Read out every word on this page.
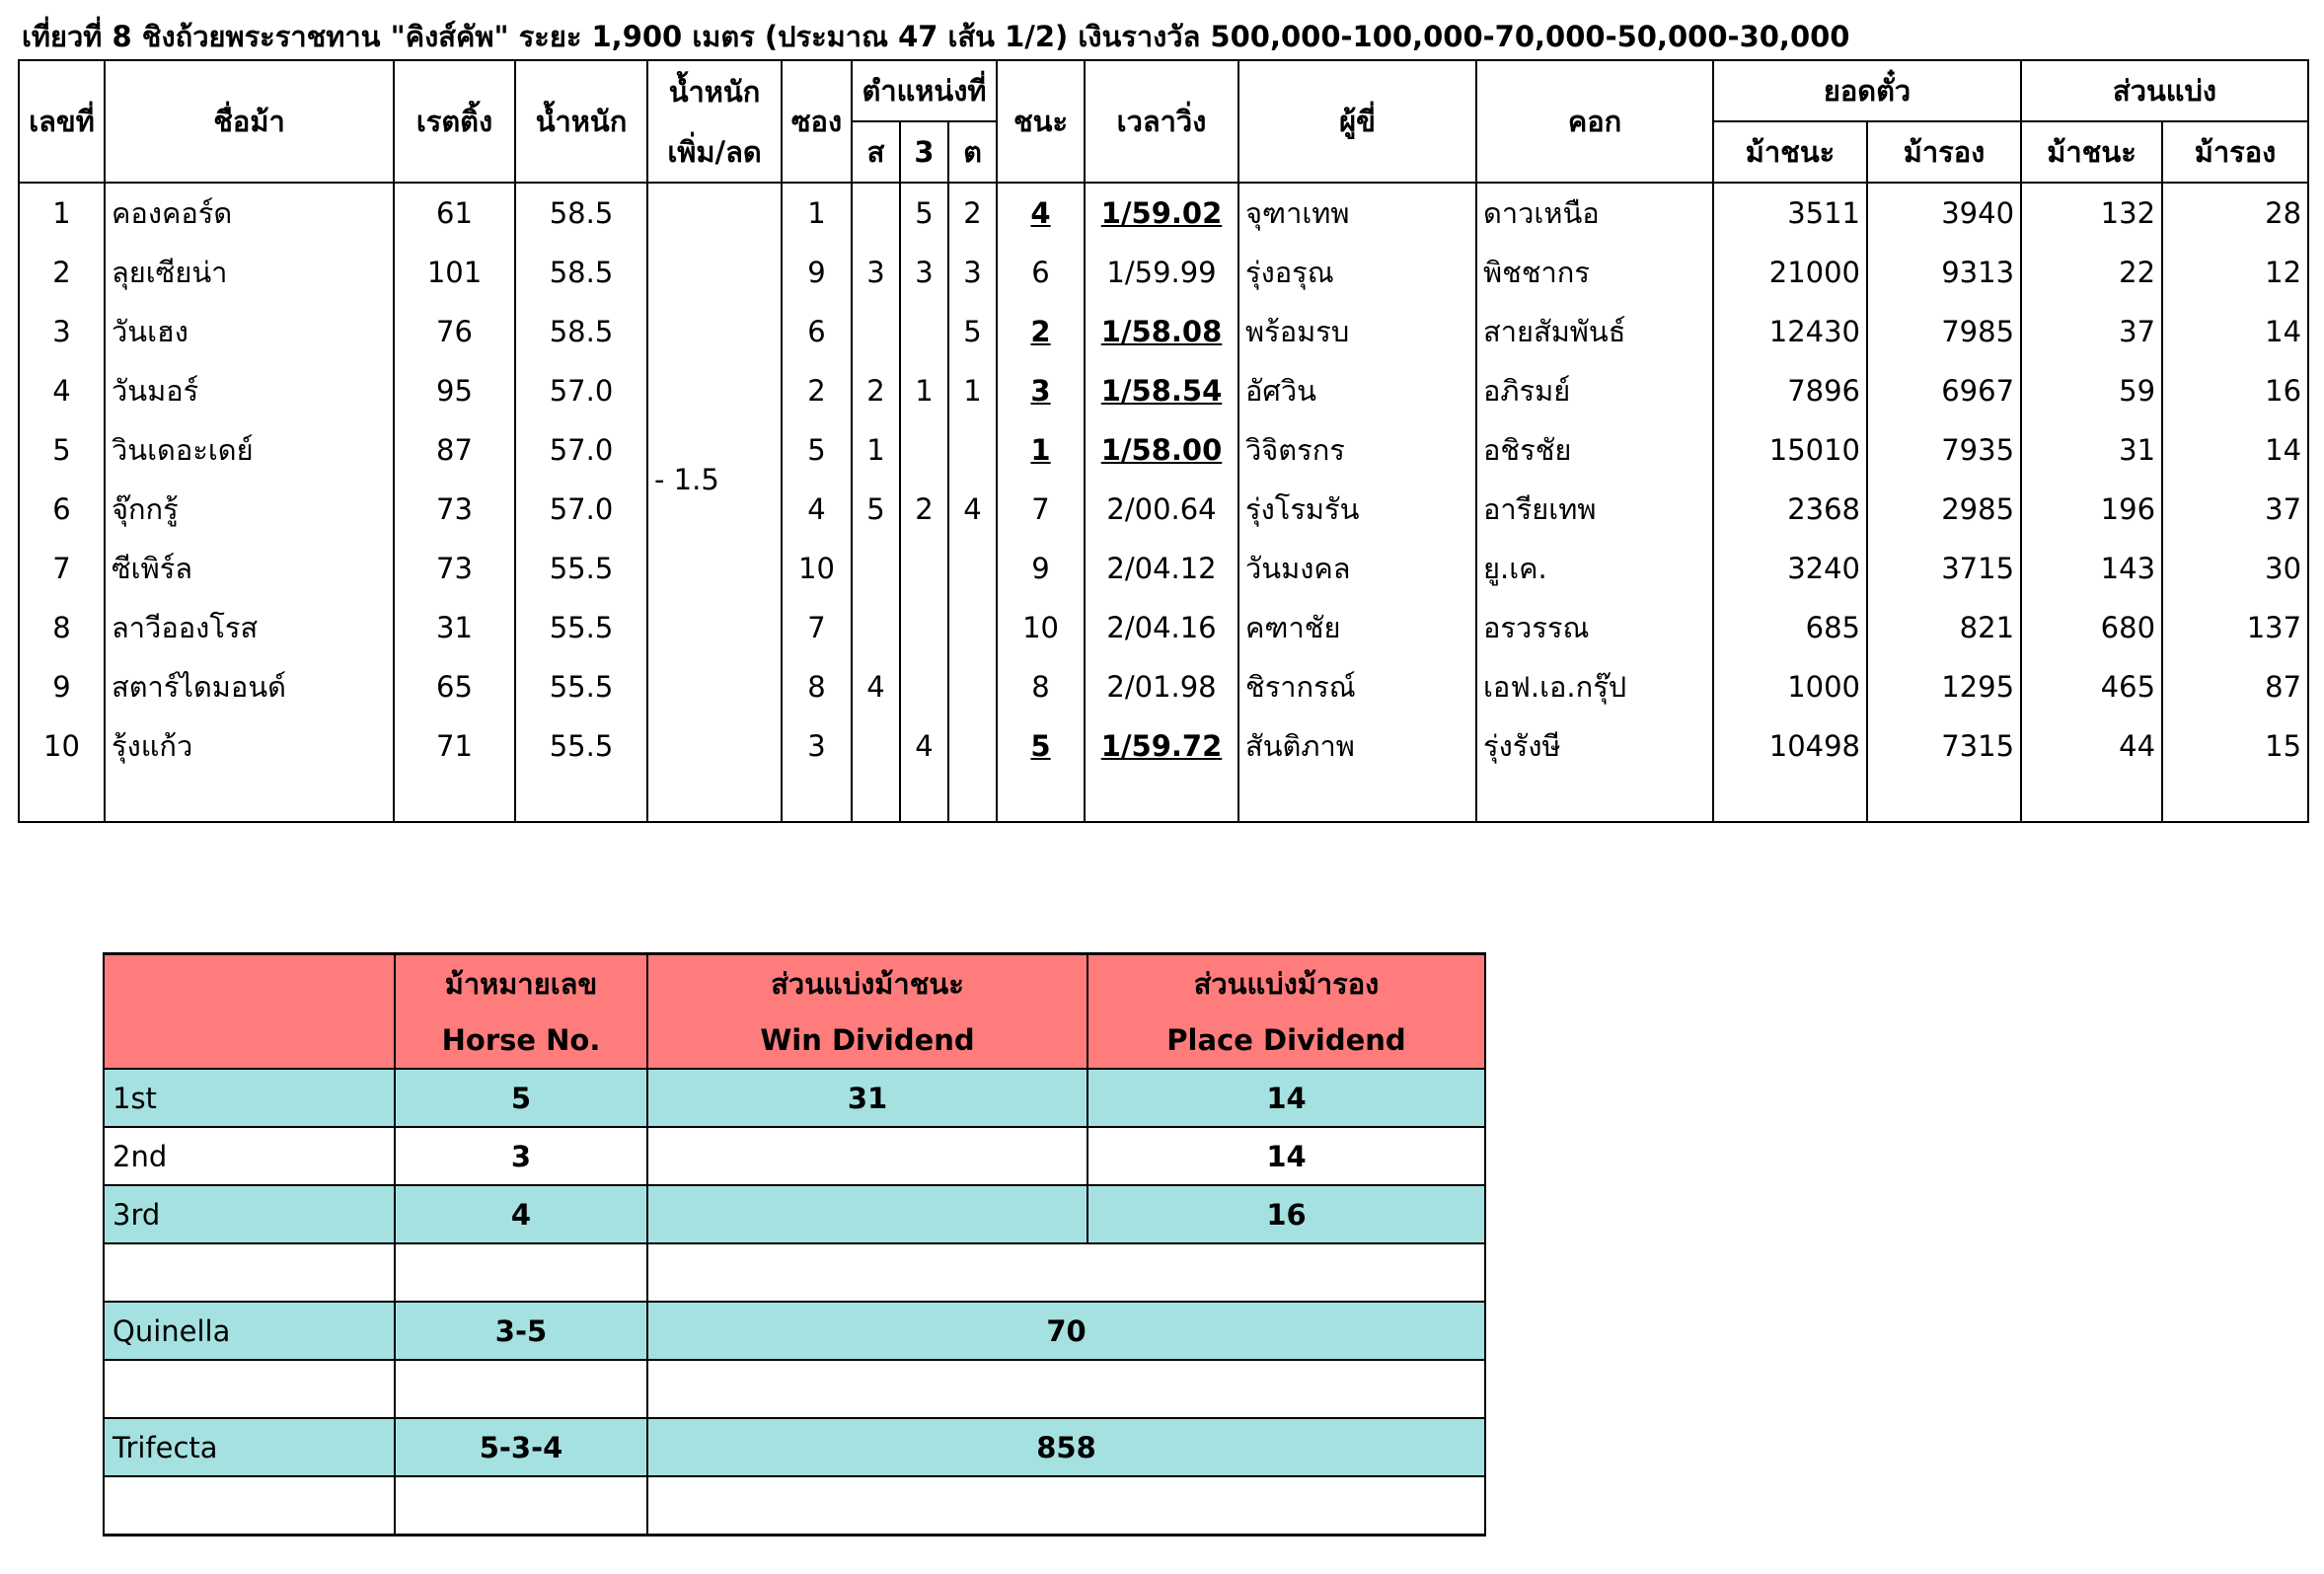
เที่ยวที่ 8 ชิงถ้วยพระราชทาน "คิงส์คัพ" ระยะ 1,900 เมตร (ประมาณ 47 เส้น 1/2) เงินรางวัล 500,000-100,000-70,000-50,000-30,000
เลขที่	ชื่อม้า	เรตติ้ง	น้ำหนัก	น้ำหนัก	ซอง	ตำแหน่งที่			ชนะ	เวลาวิ่ง	ผู้ขี่	คอก	ยอดตั๋ว		ส่วนแบ่ง	
				เพิ่ม/ลด		ส	3	ต					ม้าชนะ	ม้ารอง	ม้าชนะ	ม้ารอง
1	คองคอร์ด	61	58.5	- 1.5	1		5	2	4	1/59.02	จุฑาเทพ	ดาวเหนือ	3511	3940	132	28
2	ลุยเซียน่า	101	58.5		9	3	3	3	6	1/59.99	รุ่งอรุณ	พิชชากร	21000	9313	22	12
3	วันเฮง	76	58.5		6			5	2	1/58.08	พร้อมรบ	สายสัมพันธ์	12430	7985	37	14
4	วันมอร์	95	57.0		2	2	1	1	3	1/58.54	อัศวิน	อภิรมย์	7896	6967	59	16
5	วินเดอะเดย์	87	57.0		5	1			1	1/58.00	วิจิตรกร	อชิรชัย	15010	7935	31	14
6	จุ๊กกรู้	73	57.0		4	5	2	4	7	2/00.64	รุ่งโรมรัน	อารียเทพ	2368	2985	196	37
7	ซีเพิร์ล	73	55.5		10				9	2/04.12	วันมงคล	ยู.เค.	3240	3715	143	30
8	ลาวีอองโรส	31	55.5		7				10	2/04.16	คฑาชัย	อรวรรณ	685	821	680	137
9	สตาร์ไดมอนด์	65	55.5		8	4			8	2/01.98	ชิรากรณ์	เอฟ.เอ.กรุ๊ป	1000	1295	465	87
10	รุ้งแก้ว	71	55.5		3		4		5	1/59.72	สันติภาพ	รุ่งรังษี	10498	7315	44	15

	ม้าหมายเลข	ส่วนแบ่งม้าชนะ	ส่วนแบ่งม้ารอง
	Horse No.	Win Dividend	Place Dividend
1st	5	31	14
2nd	3		14
3rd	4		16

Quinella	3-5	70	

Trifecta	5-3-4	858	
